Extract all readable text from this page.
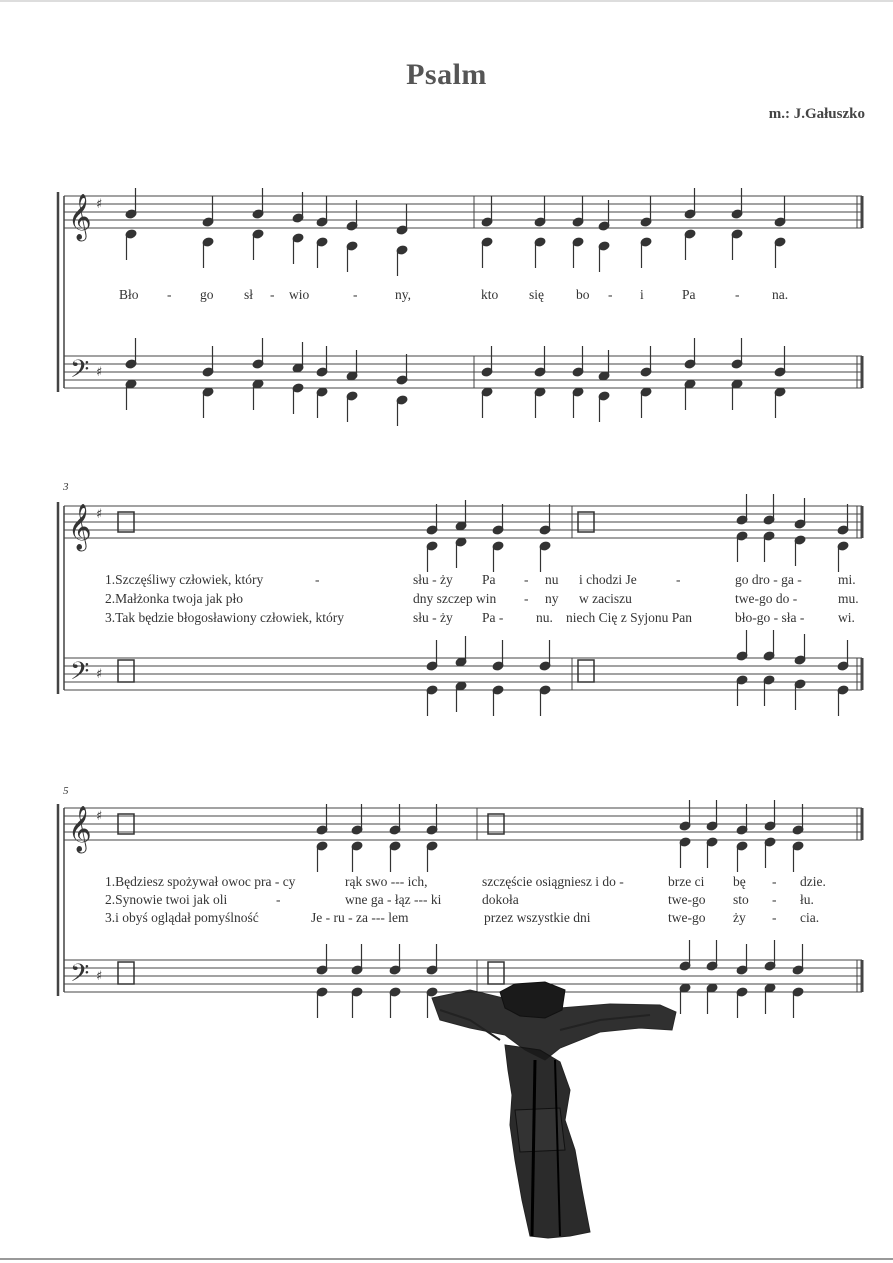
Psalm
m.: J.Gałuszko
𝄞
𝄢
♯
♯
𝄞
𝄢
♯
♯
𝄞
𝄢
♯
♯
3
5
Bło - go sł - wio	-	ny,	kto się bo - i	Pa	- na.
1.Szczęśliwy człowiek, który	-	słu - ży Pa - nu i chodzi Je	-	go dro - ga -	mi.
2.Małżonka twoja jak pło	dny szczep win - ny w zaciszu	twe-go do -	mu.
3.Tak będzie błogosławiony człowiek, który	słu - ży Pa - nu. niech Cię z Syjonu Pan	bło-go - sła - wi.
1.Będziesz spożywał owoc pra - cy	rąk swo --- ich,	szczęście osiągniesz i do -	brze ci bę - dzie.
2.Synowie twoi jak oli	-	wne ga - łąz --- ki	dokoła	twe-go sto - łu.
3.i obyś oglądał pomyślność	Je - ru - za --- lem	przez wszystkie dni	twe-go ży - cia.
